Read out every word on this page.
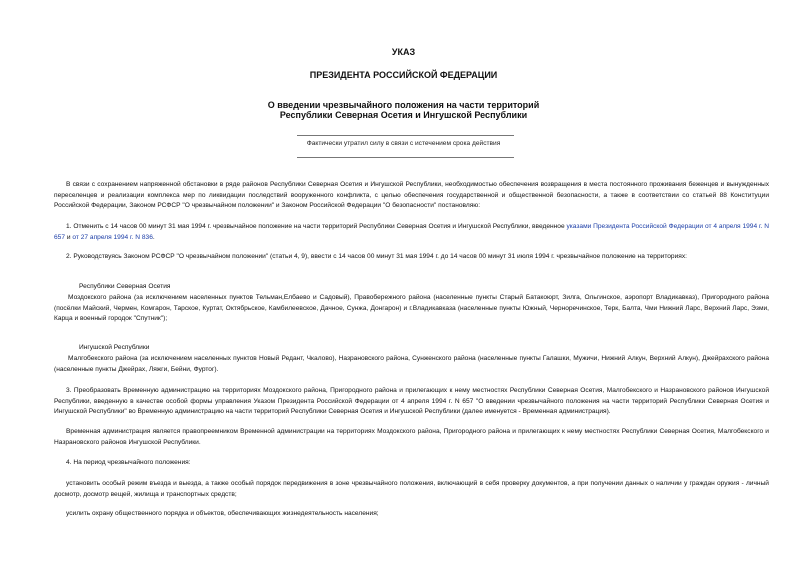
УКАЗ
ПРЕЗИДЕНТА РОССИЙСКОЙ ФЕДЕРАЦИИ
О введении чрезвычайного положения на части территорий
Республики Северная Осетия и Ингушской Республики
Фактически утратил силу в связи с истечением срока действия
В связи с сохранением напряженной обстановки в ряде районов Республики Северная Осетия и Ингушской Республики, необходимостью обеспечения возвращения в места постоянного проживания беженцев и вынужденных переселенцев и реализации комплекса мер по ликвидации последствий вооруженного конфликта, с целью обеспечения государственной и общественной безопасности, а также в соответствии со статьей 88 Конституции Российской Федерации, Законом РСФСР "О чрезвычайном положении" и Законом Российской Федерации "О безопасности" постановляю:
1. Отменить с 14 часов 00 минут 31 мая 1994 г. чрезвычайное положение на части территорий Республики Северная Осетия и Ингушской Республики, введенное указами Президента Российской Федерации от 4 апреля 1994 г. N 657 и от 27 апреля 1994 г. N 836.
2. Руководствуясь Законом РСФСР "О чрезвычайном положении" (статьи 4, 9), ввести с 14 часов 00 минут 31 мая 1994 г. до 14 часов 00 минут 31 июля 1994 г. чрезвычайное положение на территориях:
Республики Северная Осетия
Моздокского района (за исключением населенных пунктов Тельман,Елбаево и Садовый), Правобережного района (населенные пункты Старый Батакоюрт, Зилга, Ольгинское, аэропорт Владикавказ), Пригородного района (посёлки Майский, Чермен, Комгарон, Тарское, Куртат, Октябрьское, Камбилеевское, Дачное, Сунжа, Донгарон) и г.Владикавказа (населенные пункты Южный, Черноречинское, Терк, Балта, Чми Нижний Ларс, Верхний Ларс, Эзми, Карца и военный городок "Спутник");
Ингушской Республики
Малгобекского района (за исключением населенных пунктов Новый Редант, Чкалово), Назрановского района, Сунженского района (населенные пункты Галашки, Мужичи, Нижний Алкун, Верхний Алкун), Джейрахского района (населенные пункты Джейрах, Ляжги, Бейни, Фуртог).
3. Преобразовать Временную администрацию на территориях Моздокского района, Пригородного района и прилегающих к нему местностях Республики Северная Осетия, Малгобекского и Назрановского районов Ингушской Республики, введенную в качестве особой формы управления Указом Президента Российской Федерации от 4 апреля 1994 г. N 657 "О введении чрезвычайного положения на части территорий Республики Северная Осетия и Ингушской Республики" во Временную администрацию на части территорий Республики Северная Осетия и Ингушской Республики (далее именуется - Временная администрация).
Временная администрация является правопреемником Временной администрации на территориях Моздокского района, Пригородного района и прилегающих к нему местностях Республики Северная Осетия, Малгобекского и Назрановского районов Ингушской Республики.
4. На период чрезвычайного положения:
установить особый режим въезда и выезда, а также особый порядок передвижения в зоне чрезвычайного положения, включающий в себя проверку документов, а при получении данных о наличии у граждан оружия - личный досмотр, досмотр вещей, жилища и транспортных средств;
усилить охрану общественного порядка и объектов, обеспечивающих жизнедеятельность населения;
